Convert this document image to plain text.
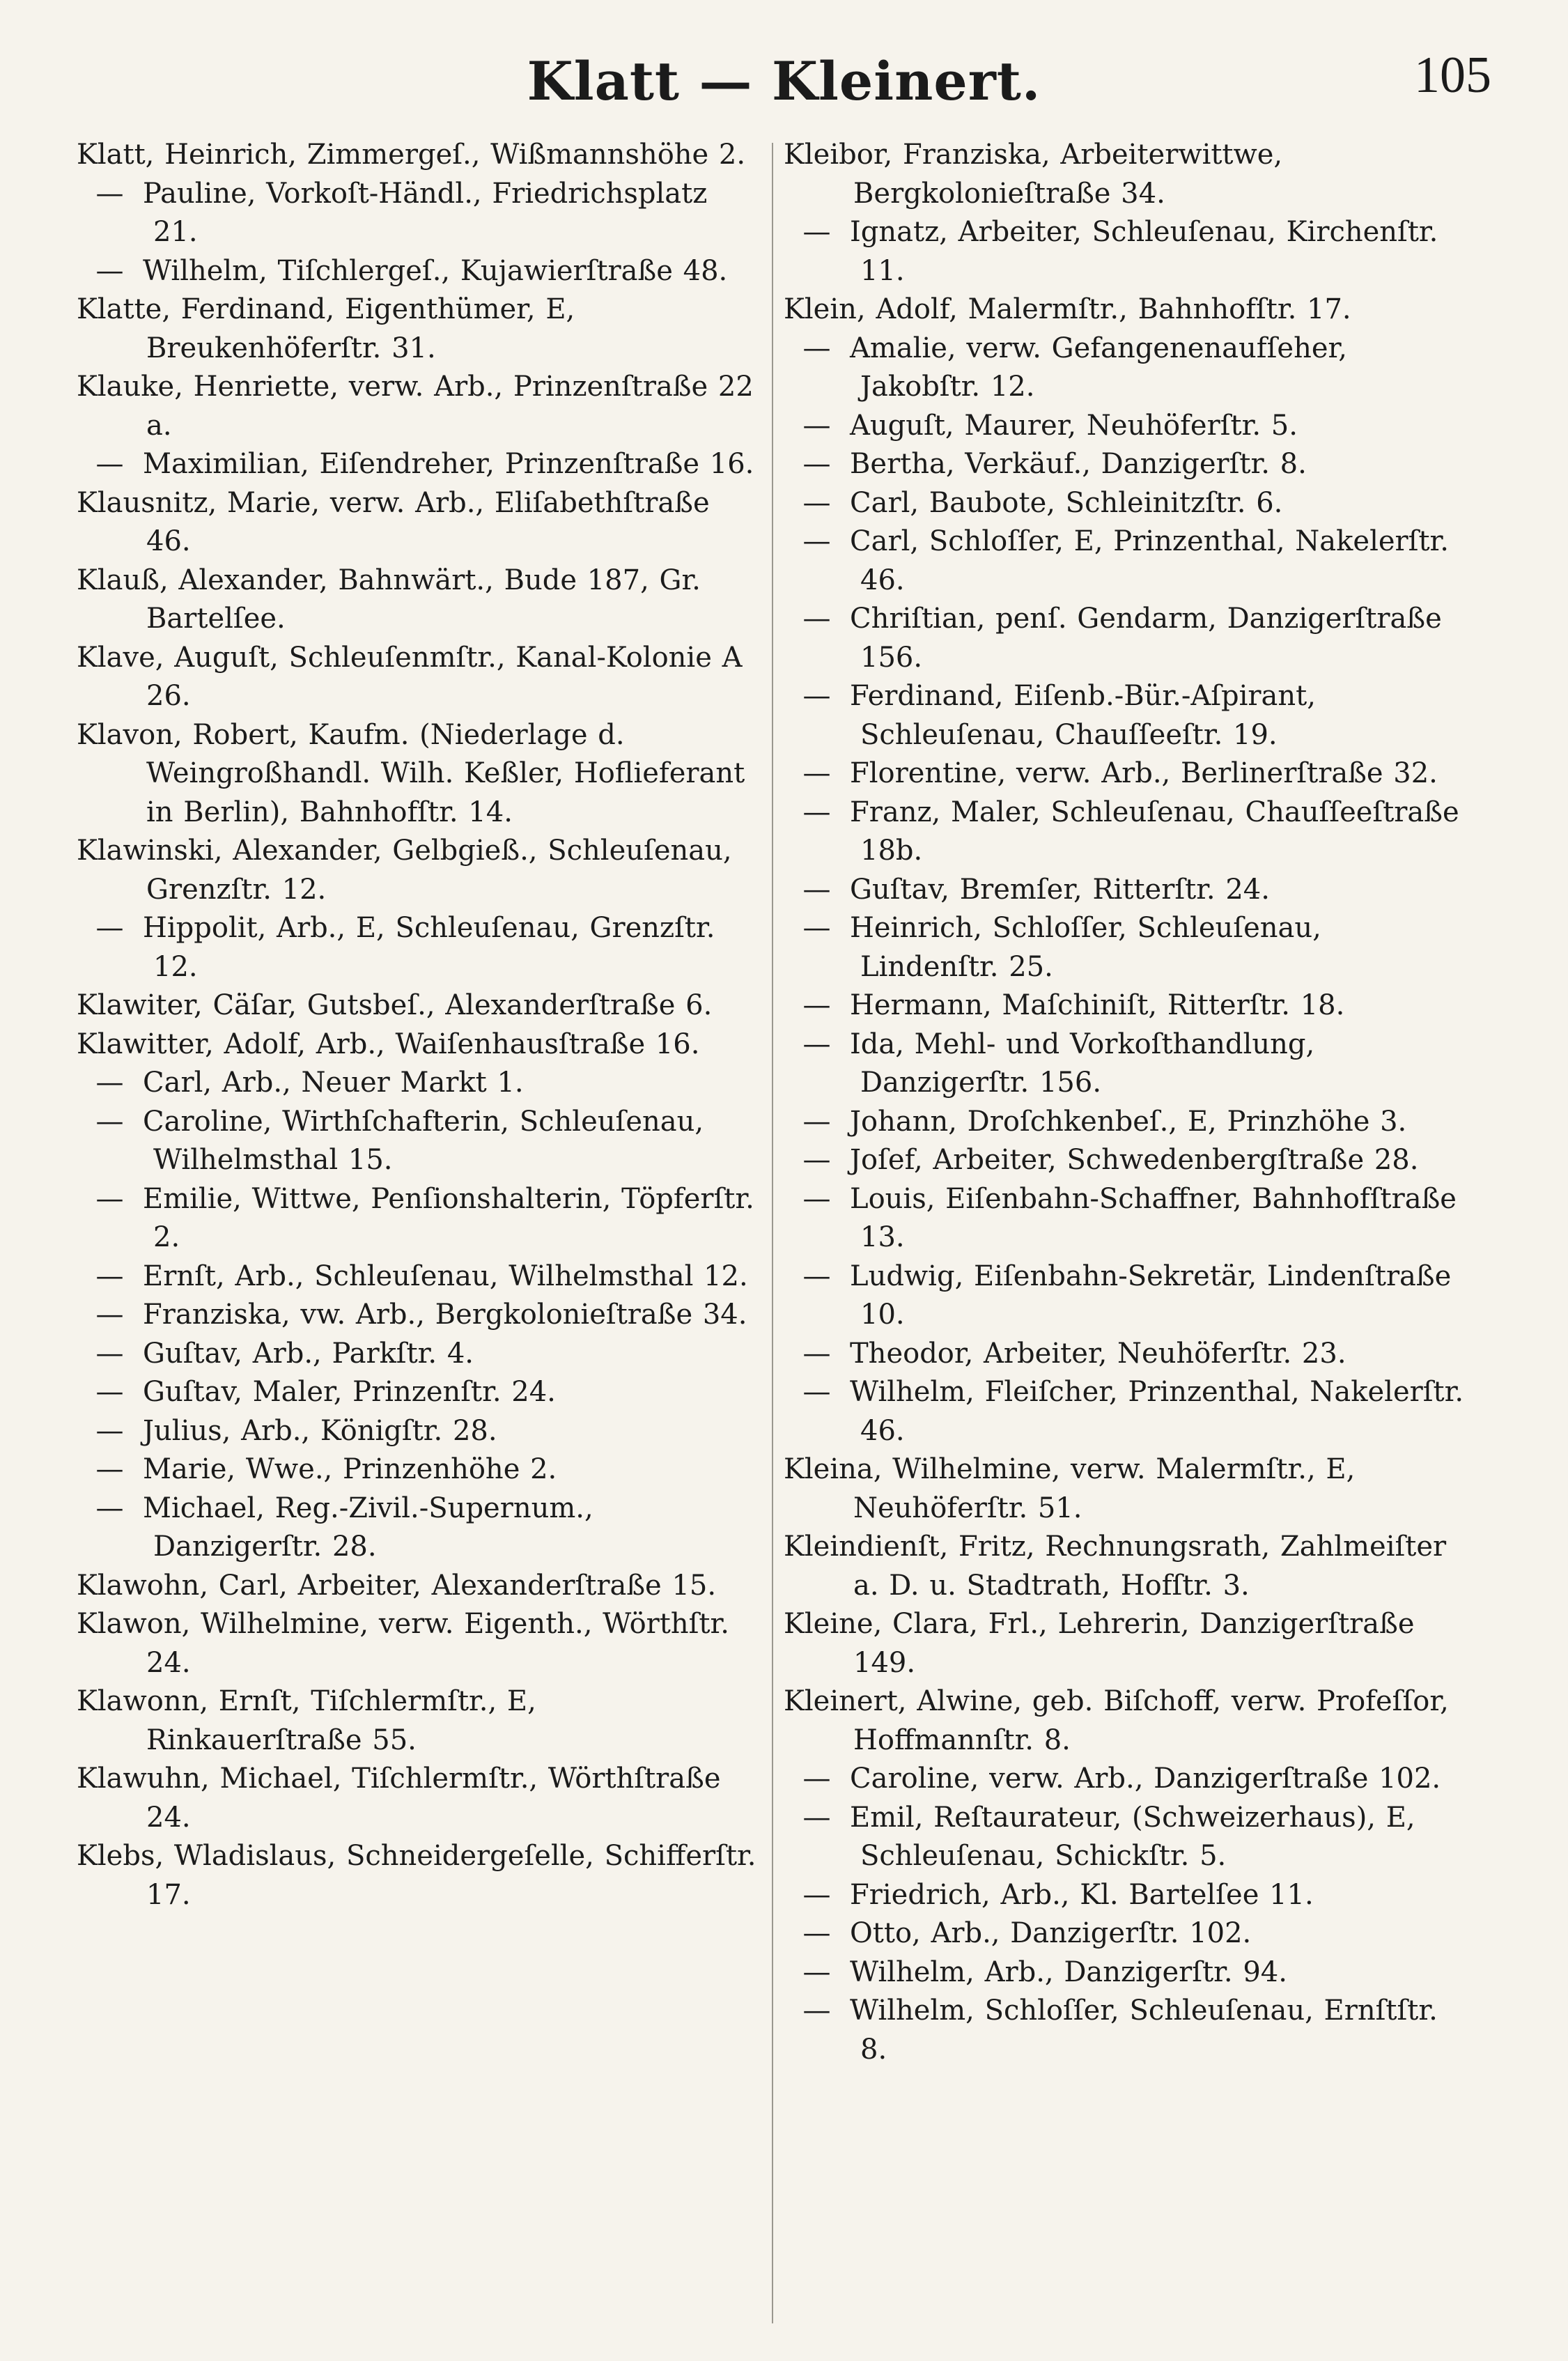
Klatt — Kleinert.	105

Klatt, Heinrich, Zimmergeſ., Wißmannshöhe 2.

— Pauline, Vorkoſt-Händl., Friedrichsplatz 21.

— Wilhelm, Tiſchlergeſ., Kujawierſtraße 48.

Klatte, Ferdinand, Eigenthümer, E, Breukenhöferſtr. 31.

Klauke, Henriette, verw. Arb., Prinzenſtraße 22 a.

— Maximilian, Eiſendreher, Prinzenſtraße 16.

Klausnitz, Marie, verw. Arb., Eliſabethſtraße 46.

Klauß, Alexander, Bahnwärt., Bude 187, Gr. Bartelſee.

Klave, Auguſt, Schleuſenmſtr., Kanal-Kolonie A 26.

Klavon, Robert, Kaufm. (Niederlage d. Weingroßhandl. Wilh. Keßler, Hoflieferant in Berlin), Bahnhofſtr. 14.

Klawinski, Alexander, Gelbgieß., Schleuſenau, Grenzſtr. 12.

— Hippolit, Arb., E, Schleuſenau, Grenzſtr. 12.

Klawiter, Cäſar, Gutsbeſ., Alexanderſtraße 6.

Klawitter, Adolf, Arb., Waiſenhausſtraße 16.

— Carl, Arb., Neuer Markt 1.

— Caroline, Wirthſchafterin, Schleuſenau, Wilhelmsthal 15.

— Emilie, Wittwe, Penſionshalterin, Töpferſtr. 2.

— Ernſt, Arb., Schleuſenau, Wilhelmsthal 12.

— Franziska, vw. Arb., Bergkolonieſtraße 34.

— Guſtav, Arb., Parkſtr. 4.

— Guſtav, Maler, Prinzenſtr. 24.

— Julius, Arb., Königſtr. 28.

— Marie, Wwe., Prinzenhöhe 2.

— Michael, Reg.-Zivil.-Supernum., Danzigerſtr. 28.

Klawohn, Carl, Arbeiter, Alexanderſtraße 15.

Klawon, Wilhelmine, verw. Eigenth., Wörthſtr. 24.

Klawonn, Ernſt, Tiſchlermſtr., E, Rinkauerſtraße 55.

Klawuhn, Michael, Tiſchlermſtr., Wörthſtraße 24.

Klebs, Wladislaus, Schneidergeſelle, Schifferſtr. 17.

Kleibor, Franziska, Arbeiterwittwe, Bergkolonieſtraße 34.

— Ignatz, Arbeiter, Schleuſenau, Kirchenſtr. 11.

Klein, Adolf, Malermſtr., Bahnhofſtr. 17.

— Amalie, verw. Gefangenenaufſeher, Jakobſtr. 12.

— Auguſt, Maurer, Neuhöferſtr. 5.

— Bertha, Verkäuf., Danzigerſtr. 8.

— Carl, Baubote, Schleinitzſtr. 6.

— Carl, Schloſſer, E, Prinzenthal, Nakelerſtr. 46.

— Chriſtian, penſ. Gendarm, Danzigerſtraße 156.

— Ferdinand, Eiſenb.-Bür.-Aſpirant, Schleuſenau, Chauſſeeſtr. 19.

— Florentine, verw. Arb., Berlinerſtraße 32.

— Franz, Maler, Schleuſenau, Chauſſeeſtraße 18b.

— Guſtav, Bremſer, Ritterſtr. 24.

— Heinrich, Schloſſer, Schleuſenau, Lindenſtr. 25.

— Hermann, Maſchiniſt, Ritterſtr. 18.

— Ida, Mehl- und Vorkoſthandlung, Danzigerſtr. 156.

— Johann, Droſchkenbeſ., E, Prinzhöhe 3.

— Joſef, Arbeiter, Schwedenbergſtraße 28.

— Louis, Eiſenbahn-Schaffner, Bahnhofſtraße 13.

— Ludwig, Eiſenbahn-Sekretär, Lindenſtraße 10.

— Theodor, Arbeiter, Neuhöferſtr. 23.

— Wilhelm, Fleiſcher, Prinzenthal, Nakelerſtr. 46.

Kleina, Wilhelmine, verw. Malermſtr., E, Neuhöferſtr. 51.

Kleindienſt, Fritz, Rechnungsrath, Zahlmeiſter a. D. u. Stadtrath, Hofſtr. 3.

Kleine, Clara, Frl., Lehrerin, Danzigerſtraße 149.

Kleinert, Alwine, geb. Biſchoff, verw. Profeſſor, Hoffmannſtr. 8.

— Caroline, verw. Arb., Danzigerſtraße 102.

— Emil, Reſtaurateur, (Schweizerhaus), E, Schleuſenau, Schickſtr. 5.

— Friedrich, Arb., Kl. Bartelſee 11.

— Otto, Arb., Danzigerſtr. 102.

— Wilhelm, Arb., Danzigerſtr. 94.

— Wilhelm, Schloſſer, Schleuſenau, Ernſtſtr. 8.
